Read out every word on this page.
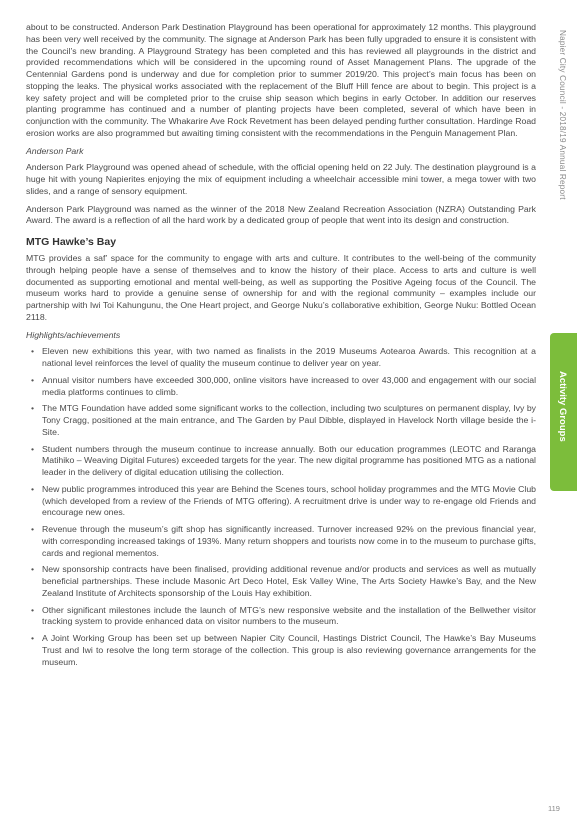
about to be constructed. Anderson Park Destination Playground has been operational for approximately 12 months. This playground has been very well received by the community. The signage at Anderson Park has been fully upgraded to ensure it is consistent with the Council’s new branding. A Playground Strategy has been completed and this has reviewed all playgrounds in the district and provided recommendations which will be considered in the upcoming round of Asset Management Plans. The upgrade of the Centennial Gardens pond is underway and due for completion prior to summer 2019/20. This project’s main focus has been on stopping the leaks. The physical works associated with the replacement of the Bluff Hill fence are about to begin. This project is a key safety project and will be completed prior to the cruise ship season which begins in early October. In addition our reserves planting programme has continued and a number of planting projects have been completed, several of which have been in conjunction with the community. The Whakarire Ave Rock Revetment has been delayed pending further consultation. Hardinge Road erosion works are also programmed but awaiting timing consistent with the recommendations in the Penguin Management Plan.

Anderson Park

Anderson Park Playground was opened ahead of schedule, with the official opening held on 22 July. The destination playground is a huge hit with young Napierites enjoying the mix of equipment including a wheelchair accessible mini tower, a mega tower with two slides, and a range of sensory equipment.

Anderson Park Playground was named as the winner of the 2018 New Zealand Recreation Association (NZRA) Outstanding Park Award. The award is a reflection of all the hard work by a dedicated group of people that went into its design and construction.

MTG Hawke’s Bay

MTG provides a saf’ space for the community to engage with arts and culture. It contributes to the well-being of the community through helping people have a sense of themselves and to know the history of their place. Access to arts and culture is well documented as supporting emotional and mental well-being, as well as supporting the Positive Ageing focus of the Council. The museum works hard to provide a genuine sense of ownership for and with the regional community – examples include our partnership with Iwi Toi Kahungunu, the One Heart project, and George Nuku’s collaborative exhibition, George Nuku: Bottled Ocean 2118.

Highlights/achievements

• Eleven new exhibitions this year, with two named as finalists in the 2019 Museums Aotearoa Awards. This recognition at a national level reinforces the level of quality the museum continue to deliver year on year.
• Annual visitor numbers have exceeded 300,000, online visitors have increased to over 43,000 and engagement with our social media platforms continues to climb.
• The MTG Foundation have added some significant works to the collection, including two sculptures on permanent display, Ivy by Tony Cragg, positioned at the main entrance, and The Garden by Paul Dibble, displayed in Havelock North village beside the i-Site.
• Student numbers through the museum continue to increase annually. Both our education programmes (LEOTC and Raranga Matihiko – Weaving Digital Futures) exceeded targets for the year. The new digital programme has positioned MTG as a national leader in the delivery of digital education utilising the collection.
• New public programmes introduced this year are Behind the Scenes tours, school holiday programmes and the MTG Movie Club (which developed from a review of the Friends of MTG offering). A recruitment drive is under way to re-engage old Friends and encourage new ones.
• Revenue through the museum’s gift shop has significantly increased. Turnover increased 92% on the previous financial year, with corresponding increased takings of 193%. Many return shoppers and tourists now come in to the museum to purchase gifts, cards and regional mementos.
• New sponsorship contracts have been finalised, providing additional revenue and/or products and services as well as mutually beneficial partnerships. These include Masonic Art Deco Hotel, Esk Valley Wine, The Arts Society Hawke’s Bay, and the New Zealand Institute of Architects sponsorship of the Louis Hay exhibition.
• Other significant milestones include the launch of MTG’s new responsive website and the installation of the Bellwether visitor tracking system to provide enhanced data on visitor numbers to the museum.
• A Joint Working Group has been set up between Napier City Council, Hastings District Council, The Hawke’s Bay Museums Trust and Iwi to resolve the long term storage of the collection. This group is also reviewing governance arrangements for the museum.
Napier City Council - 2018/19 Annual Report
Activity Groups
119
